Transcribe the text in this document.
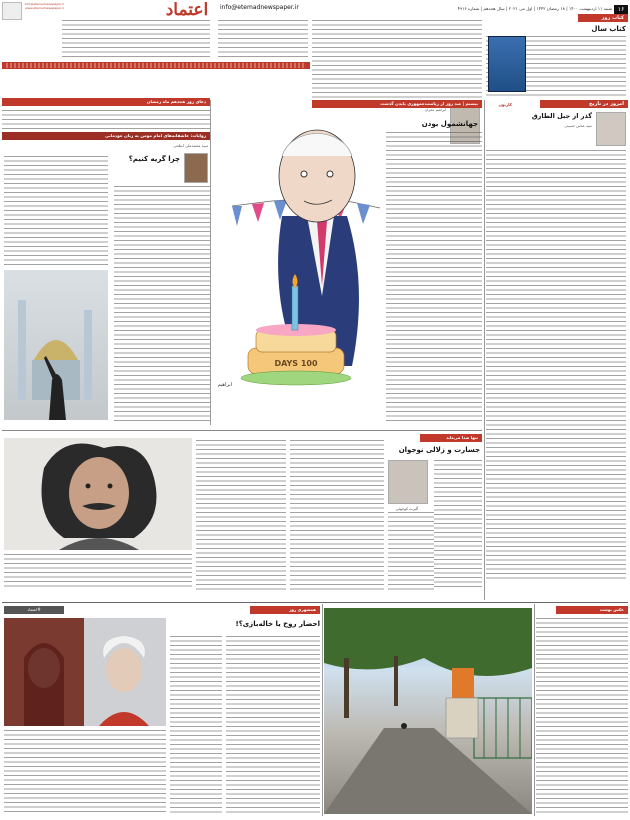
info@etemadnewspaper.ir
www.etemadnewspaper.ir	اعتماد	info@etemadnewspaper.ir	شنبه ۱۱ اردیبهشت ۱۴۰۰ | ۱۸ رمضان ۱۴۴۲ | اول می ۲۰۲۱ | سال هجدهم | شماره ۴۹۱۶ ۱۶
کتاب روز
کتاب سال
امروز در تاریخ
گذر از جبل الطارق
سید عباس حسینی
کارتون
ابراهیم عمران
جهانشمول بودن
بیستم | صد روز از ریاست‌جمهوری بایدن گذشت
100 DAYS
ابراهیم
دعای روز هجدهم ماه رمضان
روایات: عاشقانه‌های امام مومن به زبان خودمانی
سید محمدعلی ابطحی
چرا گریه کنیم؟
تنها صدا می‌ماند
جسارت و زلالی نوجوان
آلبرت کوچوئی
عکس نوشت
همشهری روز
#اعتماد
احضار روح یا خاله‌بازی؟!
